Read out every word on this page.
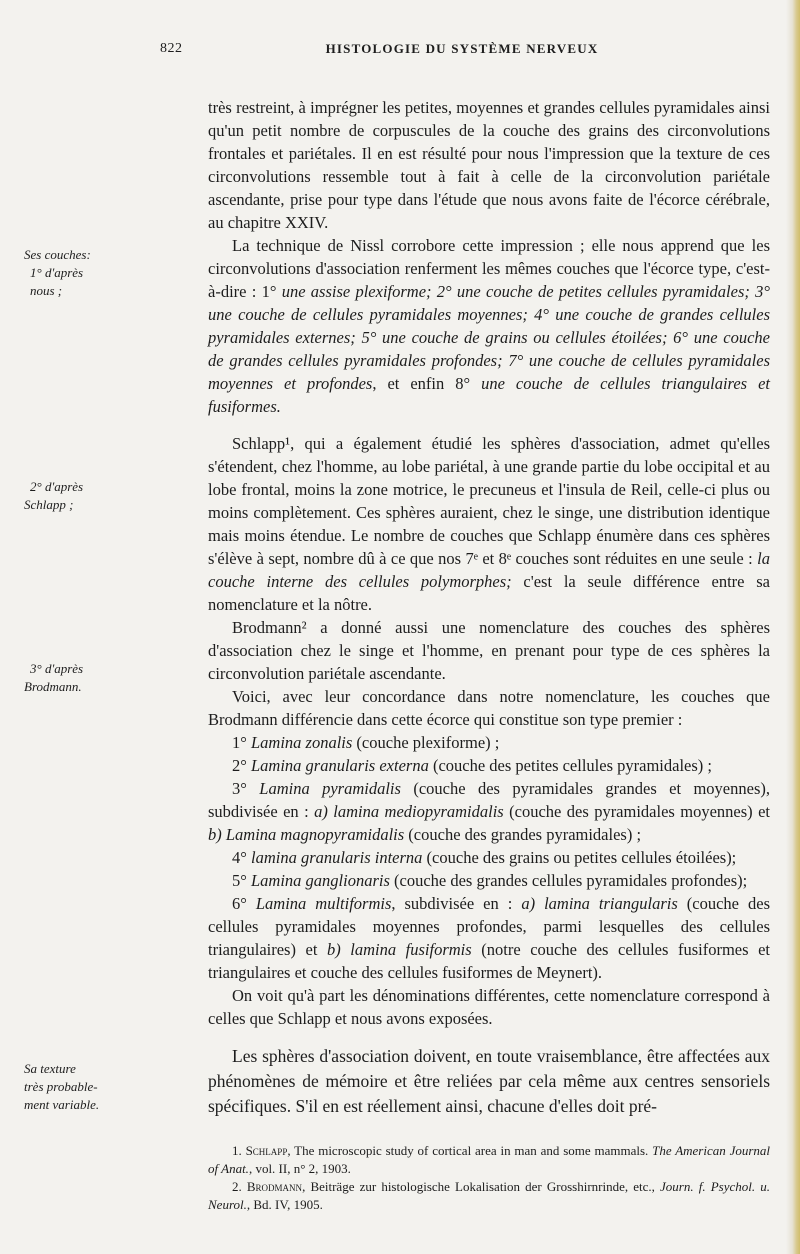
822	HISTOLOGIE DU SYSTÈME NERVEUX
Ses couches:
1° d'après
nous ;
2° d'après
Schlapp ;
3° d'après
Brodmann.
Sa texture
très probable-
ment variable.

très restreint, à imprégner les petites, moyennes et grandes cellules pyramidales ainsi qu'un petit nombre de corpuscules de la couche des grains des circonvolutions frontales et pariétales. Il en est résulté pour nous l'impression que la texture de ces circonvolutions ressemble tout à fait à celle de la circonvolution pariétale ascendante, prise pour type dans l'étude que nous avons faite de l'écorce cérébrale, au chapitre XXIV.

La technique de Nissl corrobore cette impression ; elle nous apprend que les circonvolutions d'association renferment les mêmes couches que l'écorce type, c'est-à-dire : 1° une assise plexiforme; 2° une couche de petites cellules pyramidales; 3° une couche de cellules pyramidales moyennes; 4° une couche de grandes cellules pyramidales externes; 5° une couche de grains ou cellules étoilées; 6° une couche de grandes cellules pyramidales profondes; 7° une couche de cellules pyramidales moyennes et profondes, et enfin 8° une couche de cellules triangulaires et fusiformes.

Schlapp¹, qui a également étudié les sphères d'association, admet qu'elles s'étendent, chez l'homme, au lobe pariétal, à une grande partie du lobe occipital et au lobe frontal, moins la zone motrice, le precuneus et l'insula de Reil, celle-ci plus ou moins complètement. Ces sphères auraient, chez le singe, une distribution identique mais moins étendue. Le nombre de couches que Schlapp énumère dans ces sphères s'élève à sept, nombre dû à ce que nos 7ᵉ et 8ᵉ couches sont réduites en une seule : la couche interne des cellules polymorphes; c'est la seule différence entre sa nomenclature et la nôtre.

Brodmann² a donné aussi une nomenclature des couches des sphères d'association chez le singe et l'homme, en prenant pour type de ces sphères la circonvolution pariétale ascendante.

Voici, avec leur concordance dans notre nomenclature, les couches que Brodmann différencie dans cette écorce qui constitue son type premier :

1° Lamina zonalis (couche plexiforme) ;

2° Lamina granularis externa (couche des petites cellules pyramidales) ;

3° Lamina pyramidalis (couche des pyramidales grandes et moyennes), subdivisée en : a) lamina mediopyramidalis (couche des pyramidales moyennes) et b) Lamina magnopyramidalis (couche des grandes pyramidales) ;

4° lamina granularis interna (couche des grains ou petites cellules étoilées);

5° Lamina ganglionaris (couche des grandes cellules pyramidales profondes);

6° Lamina multiformis, subdivisée en : a) lamina triangularis (couche des cellules pyramidales moyennes profondes, parmi lesquelles des cellules triangulaires) et b) lamina fusiformis (notre couche des cellules fusiformes et triangulaires et couche des cellules fusiformes de Meynert).

On voit qu'à part les dénominations différentes, cette nomenclature correspond à celles que Schlapp et nous avons exposées.

Les sphères d'association doivent, en toute vraisemblance, être affectées aux phénomènes de mémoire et être reliées par cela même aux centres sensoriels spécifiques. S'il en est réellement ainsi, chacune d'elles doit pré-

1. Schlapp, The microscopic study of cortical area in man and some mammals. The American Journal of Anat., vol. II, n° 2, 1903.

2. Brodmann, Beiträge zur histologische Lokalisation der Grosshirnrinde, etc., Journ. f. Psychol. u. Neurol., Bd. IV, 1905.
